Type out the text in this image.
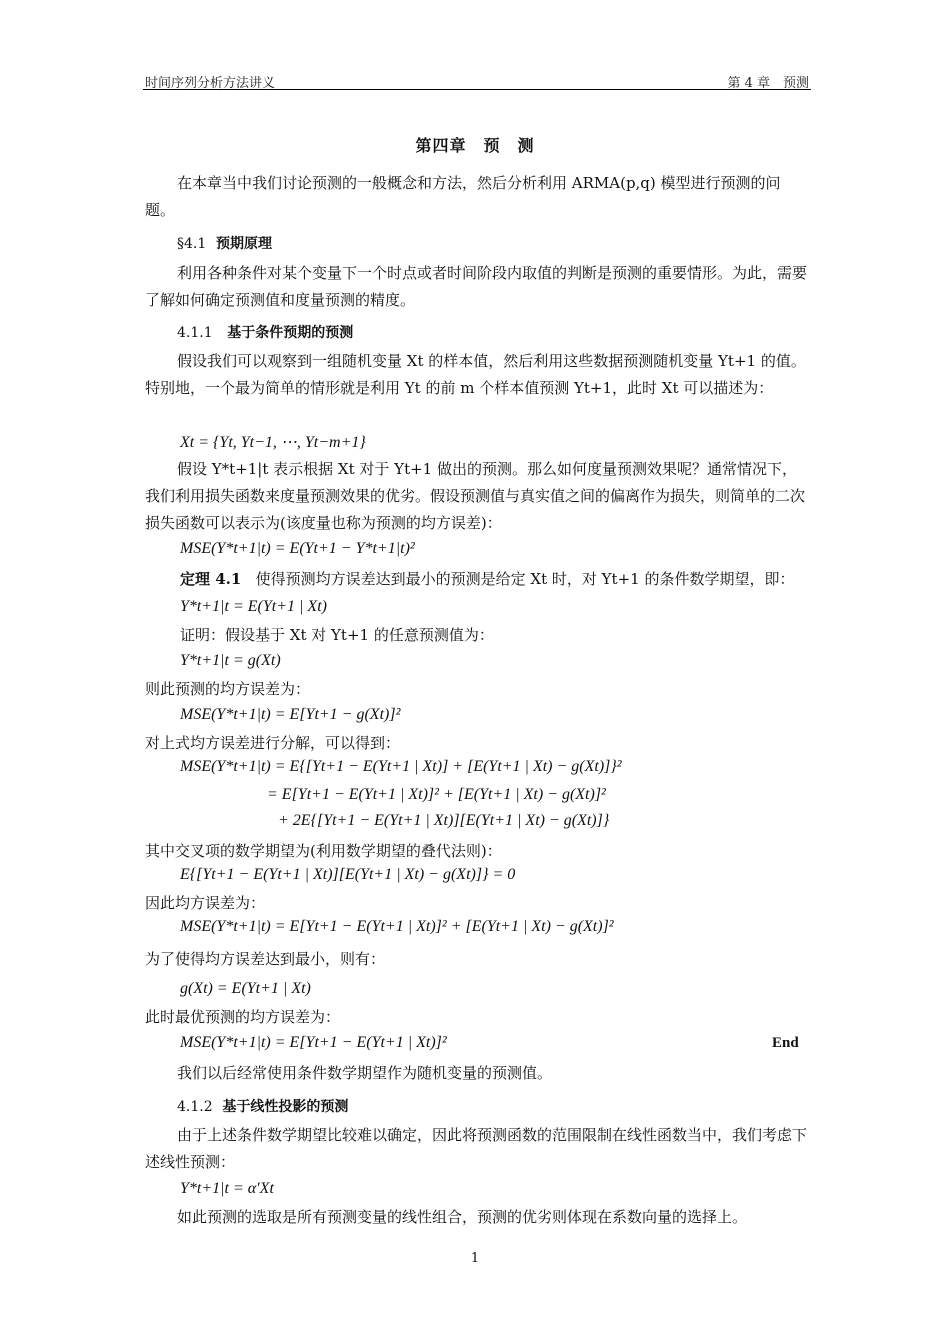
时间序列分析方法讲义	第 4 章　预测
第四章　预　测
在本章当中我们讨论预测的一般概念和方法，然后分析利用 ARMA(p,q) 模型进行预测的问题。
§4.1 预期原理
利用各种条件对某个变量下一个时点或者时间阶段内取值的判断是预测的重要情形。为此，需要了解如何确定预测值和度量预测的精度。
4.1.1 基于条件预期的预测
假设我们可以观察到一组随机变量 Xt 的样本值，然后利用这些数据预测随机变量 Yt+1 的值。特别地，一个最为简单的情形就是利用 Yt 的前 m 个样本值预测 Yt+1，此时 Xt 可以描述为：
Xt = {Yt, Yt−1, ⋯, Yt−m+1}
假设 Y*t+1|t 表示根据 Xt 对于 Yt+1 做出的预测。那么如何度量预测效果呢？通常情况下，我们利用损失函数来度量预测效果的优劣。假设预测值与真实值之间的偏离作为损失，则简单的二次损失函数可以表示为(该度量也称为预测的均方误差)：
MSE(Y*t+1|t) = E(Yt+1 − Y*t+1|t)²
定理 4.1 使得预测均方误差达到最小的预测是给定 Xt 时，对 Yt+1 的条件数学期望，即：
Y*t+1|t = E(Yt+1 | Xt)
证明：假设基于 Xt 对 Yt+1 的任意预测值为：
Y*t+1|t = g(Xt)
则此预测的均方误差为：
MSE(Y*t+1|t) = E[Yt+1 − g(Xt)]²
对上式均方误差进行分解，可以得到：
MSE(Y*t+1|t) = E{[Yt+1 − E(Yt+1 | Xt)] + [E(Yt+1 | Xt) − g(Xt)]}²
= E[Yt+1 − E(Yt+1 | Xt)]² + [E(Yt+1 | Xt) − g(Xt)]²
+ 2E{[Yt+1 − E(Yt+1 | Xt)][E(Yt+1 | Xt) − g(Xt)]}
其中交叉项的数学期望为(利用数学期望的叠代法则)：
E{[Yt+1 − E(Yt+1 | Xt)][E(Yt+1 | Xt) − g(Xt)]} = 0
因此均方误差为：
MSE(Y*t+1|t) = E[Yt+1 − E(Yt+1 | Xt)]² + [E(Yt+1 | Xt) − g(Xt)]²
为了使得均方误差达到最小，则有：
g(Xt) = E(Yt+1 | Xt)
此时最优预测的均方误差为：
MSE(Y*t+1|t) = E[Yt+1 − E(Yt+1 | Xt)]²	End
我们以后经常使用条件数学期望作为随机变量的预测值。
4.1.2 基于线性投影的预测
由于上述条件数学期望比较难以确定，因此将预测函数的范围限制在线性函数当中，我们考虑下述线性预测：
Y*t+1|t = α′Xt
如此预测的选取是所有预测变量的线性组合，预测的优劣则体现在系数向量的选择上。
1
